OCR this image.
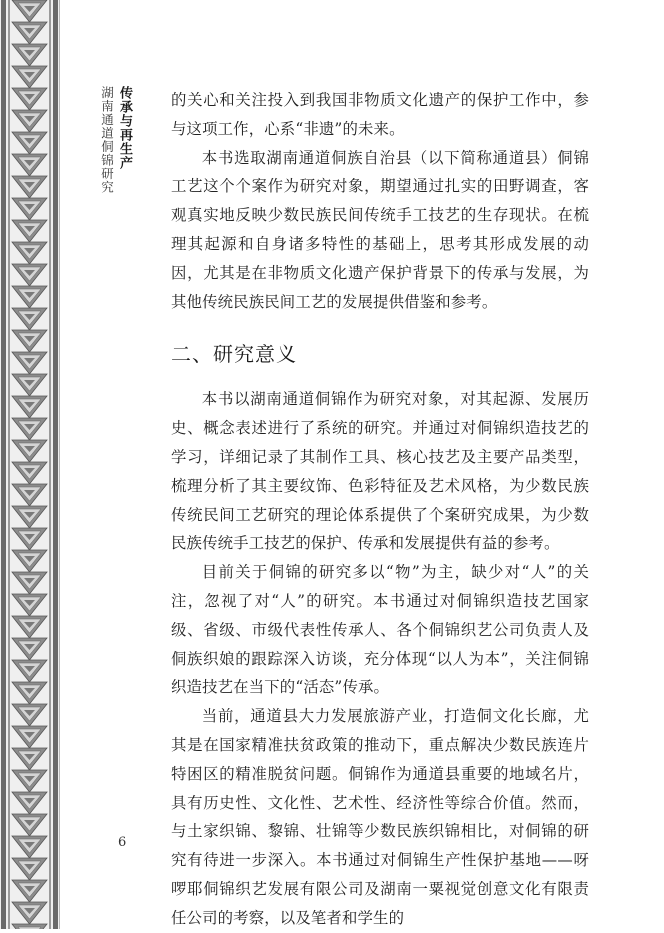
传承与再生产
湖南通道侗锦研究	的关心和关注投入到我国非物质文化遗产的保护工作中，参与这项工作，心系“非遗”的未来。

本书选取湖南通道侗族自治县（以下简称通道县）侗锦工艺这个个案作为研究对象，期望通过扎实的田野调查，客观真实地反映少数民族民间传统手工技艺的生存现状。在梳理其起源和自身诸多特性的基础上，思考其形成发展的动因，尤其是在非物质文化遗产保护背景下的传承与发展，为其他传统民族民间工艺的发展提供借鉴和参考。

二、研究意义

本书以湖南通道侗锦作为研究对象，对其起源、发展历史、概念表述进行了系统的研究。并通过对侗锦织造技艺的学习，详细记录了其制作工具、核心技艺及主要产品类型，梳理分析了其主要纹饰、色彩特征及艺术风格，为少数民族传统民间工艺研究的理论体系提供了个案研究成果，为少数民族传统手工技艺的保护、传承和发展提供有益的参考。

目前关于侗锦的研究多以“物”为主，缺少对“人”的关注，忽视了对“人”的研究。本书通过对侗锦织造技艺国家级、省级、市级代表性传承人、各个侗锦织艺公司负责人及侗族织娘的跟踪深入访谈，充分体现“以人为本”，关注侗锦织造技艺在当下的“活态”传承。

当前，通道县大力发展旅游产业，打造侗文化长廊，尤其是在国家精准扶贫政策的推动下，重点解决少数民族连片特困区的精准脱贫问题。侗锦作为通道县重要的地域名片，具有历史性、文化性、艺术性、经济性等综合价值。然而，与土家织锦、黎锦、壮锦等少数民族织锦相比，对侗锦的研究有待进一步深入。本书通过对侗锦生产性保护基地——呀啰耶侗锦织艺发展有限公司及湖南一粟视觉创意文化有限责任公司的考察，以及笔者和学生的

6
